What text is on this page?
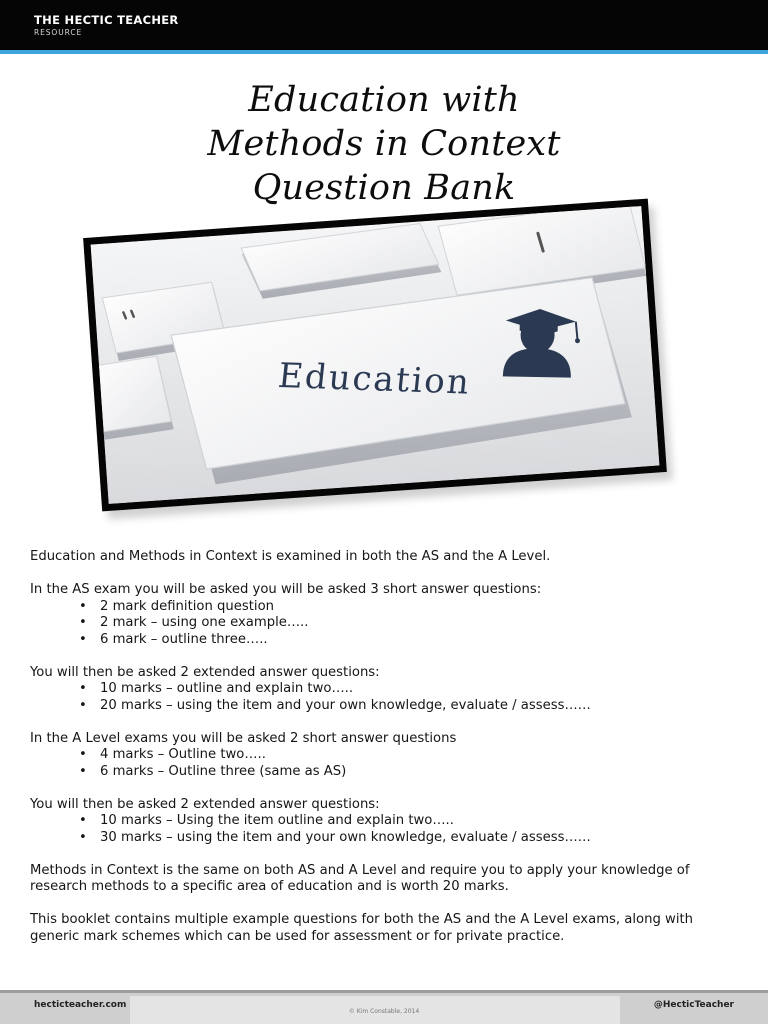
THE HECTIC TEACHER
RESOURCE
Education with
Methods in Context
Question Bank
Education

Education and Methods in Context is examined in both the AS and the A Level.

In the AS exam you will be asked you will be asked 3 short answer questions:
• 2 mark definition question
• 2 mark – using one example…..
• 6 mark – outline three…..
You will then be asked 2 extended answer questions:
• 10 marks – outline and explain two…..
• 20 marks – using the item and your own knowledge, evaluate / assess……
In the A Level exams you will be asked 2 short answer questions
• 4 marks – Outline two…..
• 6 marks – Outline three (same as AS)
You will then be asked 2 extended answer questions:
• 10 marks – Using the item outline and explain two…..
• 30 marks – using the item and your own knowledge, evaluate / assess……

Methods in Context is the same on both AS and A Level and require you to apply your knowledge of research methods to a specific area of education and is worth 20 marks.

This booklet contains multiple example questions for both the AS and the A Level exams, along with generic mark schemes which can be used for assessment or for private practice.

hecticteacher.com
© Kim Constable, 2014
@HecticTeacher
